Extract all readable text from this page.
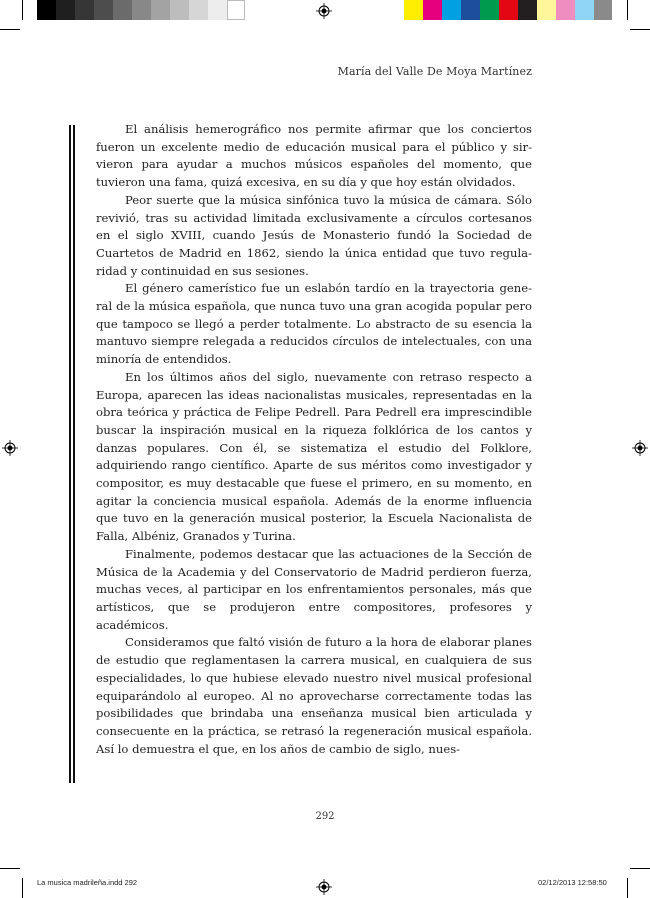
María del Valle De Moya Martínez

El análisis hemerográfico nos permite afirmar que los conciertos fueron un excelente medio de educación musical para el público y sirvieron para ayudar a muchos músicos españoles del momento, que tuvieron una fama, quizá excesiva, en su día y que hoy están olvidados.

Peor suerte que la música sinfónica tuvo la música de cámara. Sólo revivió, tras su actividad limitada exclusivamente a círculos cortesanos en el siglo XVIII, cuando Jesús de Monasterio fundó la Sociedad de Cuartetos de Madrid en 1862, siendo la única entidad que tuvo regularidad y continuidad en sus sesiones.

El género camerístico fue un eslabón tardío en la trayectoria general de la música española, que nunca tuvo una gran acogida popular pero que tampoco se llegó a perder totalmente. Lo abstracto de su esencia la mantuvo siempre relegada a reducidos círculos de intelectuales, con una minoría de entendidos.

En los últimos años del siglo, nuevamente con retraso respecto a Europa, aparecen las ideas nacionalistas musicales, representadas en la obra teórica y práctica de Felipe Pedrell. Para Pedrell era imprescindible buscar la inspiración musical en la riqueza folklórica de los cantos y danzas populares. Con él, se sistematiza el estudio del Folklore, adquiriendo rango científico. Aparte de sus méritos como investigador y compositor, es muy destacable que fuese el primero, en su momento, en agitar la conciencia musical española. Además de la enorme influencia que tuvo en la generación musical posterior, la Escuela Nacionalista de Falla, Albéniz, Granados y Turina.

Finalmente, podemos destacar que las actuaciones de la Sección de Música de la Academia y del Conservatorio de Madrid perdieron fuerza, muchas veces, al participar en los enfrentamientos personales, más que artísticos, que se produjeron entre compositores, profesores y académicos.

Consideramos que faltó visión de futuro a la hora de elaborar planes de estudio que reglamentasen la carrera musical, en cualquiera de sus especialidades, lo que hubiese elevado nuestro nivel musical profesional equiparándolo al europeo. Al no aprovecharse correctamente todas las posibilidades que brindaba una enseñanza musical bien articulada y consecuente en la práctica, se retrasó la regeneración musical española. Así lo demuestra el que, en los años de cambio de siglo, nues-

292
La musica madrileña.indd 292	02/12/2013 12:58:50
